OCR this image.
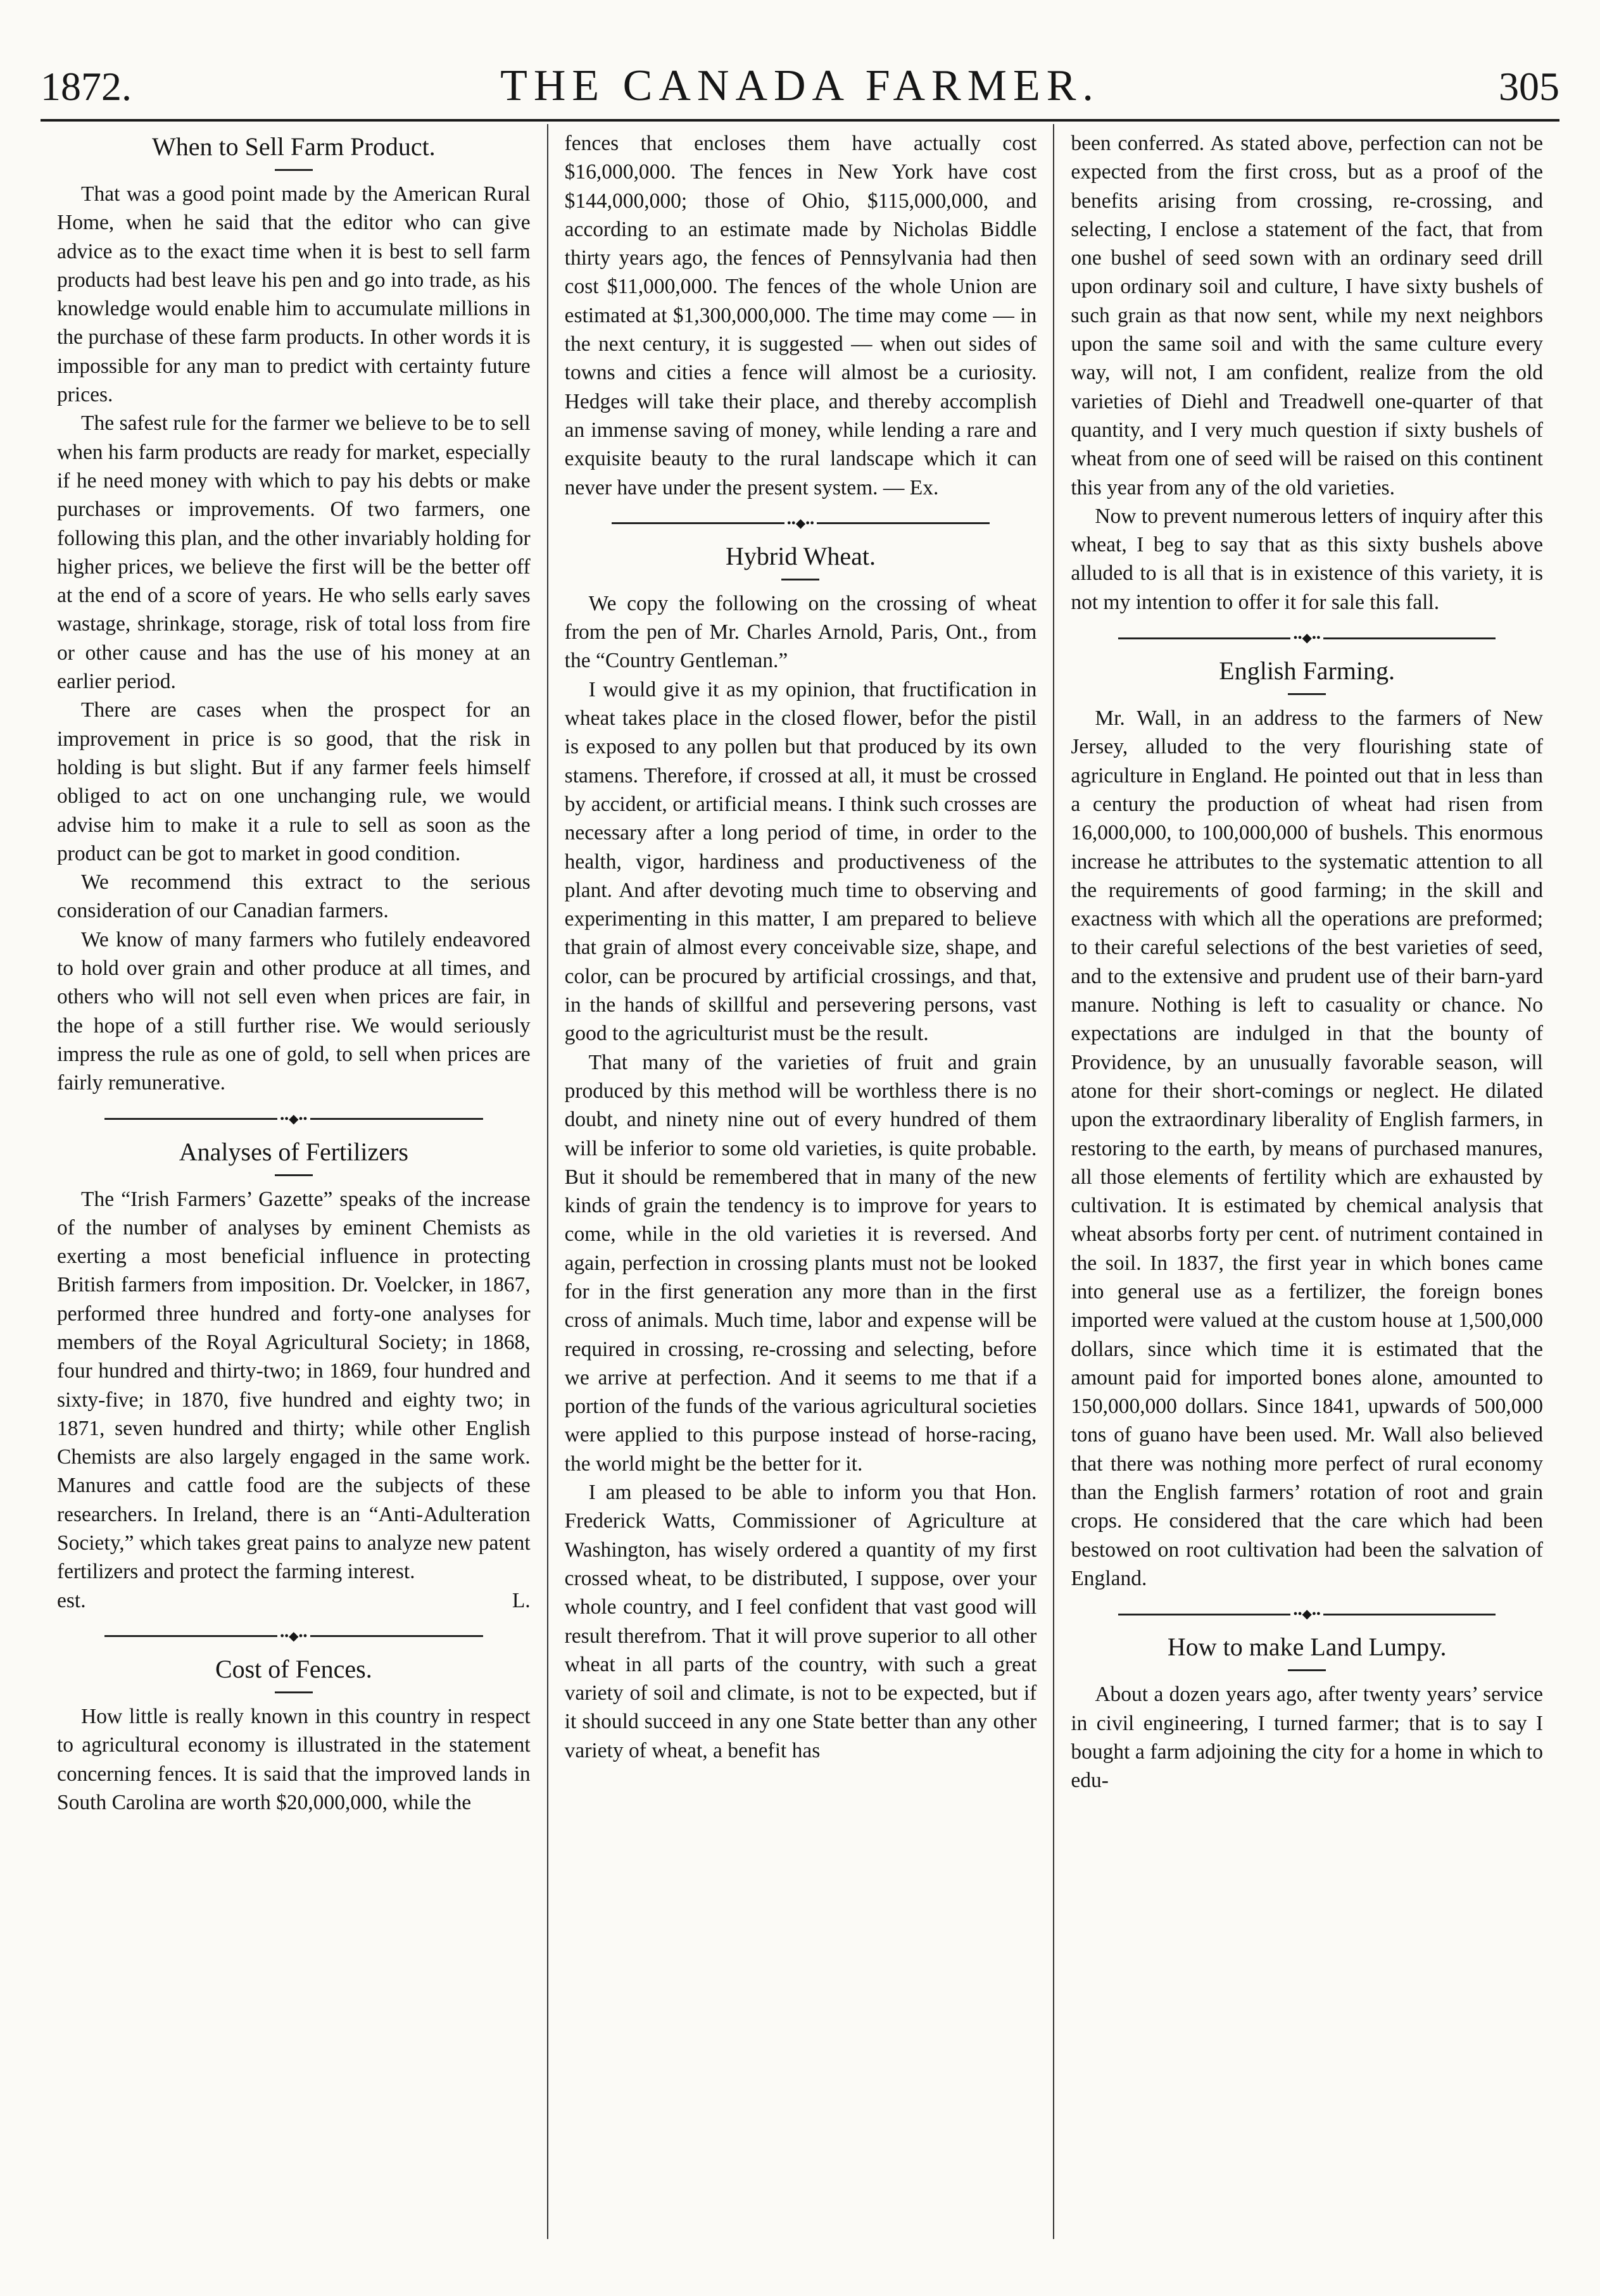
1872.	THE CANADA FARMER.	305
When to Sell Farm Product.

That was a good point made by the American Rural Home, when he said that the editor who can give advice as to the exact time when it is best to sell farm products had best leave his pen and go into trade, as his knowledge would enable him to accumulate millions in the purchase of these farm products. In other words it is impossible for any man to predict with certainty future prices.

The safest rule for the farmer we believe to be to sell when his farm products are ready for market, especially if he need money with which to pay his debts or make purchases or improvements. Of two farmers, one following this plan, and the other invariably holding for higher prices, we believe the first will be the better off at the end of a score of years. He who sells early saves wastage, shrinkage, storage, risk of total loss from fire or other cause and has the use of his money at an earlier period.

There are cases when the prospect for an improvement in price is so good, that the risk in holding is but slight. But if any farmer feels himself obliged to act on one unchanging rule, we would advise him to make it a rule to sell as soon as the product can be got to market in good condition.

We recommend this extract to the serious consideration of our Canadian farmers.

We know of many farmers who futilely endeavored to hold over grain and other produce at all times, and others who will not sell even when prices are fair, in the hope of a still further rise. We would seriously impress the rule as one of gold, to sell when prices are fairly remunerative.

••◆••
Analyses of Fertilizers

The “Irish Farmers’ Gazette” speaks of the increase of the number of analyses by eminent Chemists as exerting a most beneficial influence in protecting British farmers from imposition. Dr. Voelcker, in 1867, performed three hundred and forty-one analyses for members of the Royal Agricultural Society; in 1868, four hundred and thirty-two; in 1869, four hundred and sixty-five; in 1870, five hundred and eighty two; in 1871, seven hundred and thirty; while other English Chemists are also largely engaged in the same work. Manures and cattle food are the subjects of these researchers. In Ireland, there is an “Anti-Adulteration Society,” which takes great pains to analyze new patent fertilizers and protect the farming interest.

est.	L.
••◆••
Cost of Fences.

How little is really known in this country in respect to agricultural economy is illustrated in the statement concerning fences. It is said that the improved lands in South Carolina are worth $20,000,000, while the

fences that encloses them have actually cost $16,000,000. The fences in New York have cost $144,000,000; those of Ohio, $115,000,000, and according to an estimate made by Nicholas Biddle thirty years ago, the fences of Pennsylvania had then cost $11,000,000. The fences of the whole Union are estimated at $1,300,000,000. The time may come — in the next century, it is suggested — when out sides of towns and cities a fence will almost be a curiosity. Hedges will take their place, and thereby accomplish an immense saving of money, while lending a rare and exquisite beauty to the rural landscape which it can never have under the present system. — Ex.

••◆••
Hybrid Wheat.

We copy the following on the crossing of wheat from the pen of Mr. Charles Arnold, Paris, Ont., from the “Country Gentleman.”

I would give it as my opinion, that fructification in wheat takes place in the closed flower, befor the pistil is exposed to any pollen but that produced by its own stamens. Therefore, if crossed at all, it must be crossed by accident, or artificial means. I think such crosses are necessary after a long period of time, in order to the health, vigor, hardiness and productiveness of the plant. And after devoting much time to observing and experimenting in this matter, I am prepared to believe that grain of almost every conceivable size, shape, and color, can be procured by artificial crossings, and that, in the hands of skillful and persevering persons, vast good to the agriculturist must be the result.

That many of the varieties of fruit and grain produced by this method will be worthless there is no doubt, and ninety nine out of every hundred of them will be inferior to some old varieties, is quite probable. But it should be remembered that in many of the new kinds of grain the tendency is to improve for years to come, while in the old varieties it is reversed. And again, perfection in crossing plants must not be looked for in the first generation any more than in the first cross of animals. Much time, labor and expense will be required in crossing, re-crossing and selecting, before we arrive at perfection. And it seems to me that if a portion of the funds of the various agricultural societies were applied to this purpose instead of horse-racing, the world might be the better for it.

I am pleased to be able to inform you that Hon. Frederick Watts, Commissioner of Agriculture at Washington, has wisely ordered a quantity of my first crossed wheat, to be distributed, I suppose, over your whole country, and I feel confident that vast good will result therefrom. That it will prove superior to all other wheat in all parts of the country, with such a great variety of soil and climate, is not to be expected, but if it should succeed in any one State better than any other variety of wheat, a benefit has

been conferred. As stated above, perfection can not be expected from the first cross, but as a proof of the benefits arising from crossing, re-crossing, and selecting, I enclose a statement of the fact, that from one bushel of seed sown with an ordinary seed drill upon ordinary soil and culture, I have sixty bushels of such grain as that now sent, while my next neighbors upon the same soil and with the same culture every way, will not, I am confident, realize from the old varieties of Diehl and Treadwell one-quarter of that quantity, and I very much question if sixty bushels of wheat from one of seed will be raised on this continent this year from any of the old varieties.

Now to prevent numerous letters of inquiry after this wheat, I beg to say that as this sixty bushels above alluded to is all that is in existence of this variety, it is not my intention to offer it for sale this fall.

••◆••
English Farming.

Mr. Wall, in an address to the farmers of New Jersey, alluded to the very flourishing state of agriculture in England. He pointed out that in less than a century the production of wheat had risen from 16,000,000, to 100,000,000 of bushels. This enormous increase he attributes to the systematic attention to all the requirements of good farming; in the skill and exactness with which all the operations are preformed; to their careful selections of the best varieties of seed, and to the extensive and prudent use of their barn-yard manure. Nothing is left to casuality or chance. No expectations are indulged in that the bounty of Providence, by an unusually favorable season, will atone for their short-comings or neglect. He dilated upon the extraordinary liberality of English farmers, in restoring to the earth, by means of purchased manures, all those elements of fertility which are exhausted by cultivation. It is estimated by chemical analysis that wheat absorbs forty per cent. of nutriment contained in the soil. In 1837, the first year in which bones came into general use as a fertilizer, the foreign bones imported were valued at the custom house at 1,500,000 dollars, since which time it is estimated that the amount paid for imported bones alone, amounted to 150,000,000 dollars. Since 1841, upwards of 500,000 tons of guano have been used. Mr. Wall also believed that there was nothing more perfect of rural economy than the English farmers’ rotation of root and grain crops. He considered that the care which had been bestowed on root cultivation had been the salvation of England.

••◆••
How to make Land Lumpy.

About a dozen years ago, after twenty years’ service in civil engineering, I turned farmer; that is to say I bought a farm adjoining the city for a home in which to edu-
